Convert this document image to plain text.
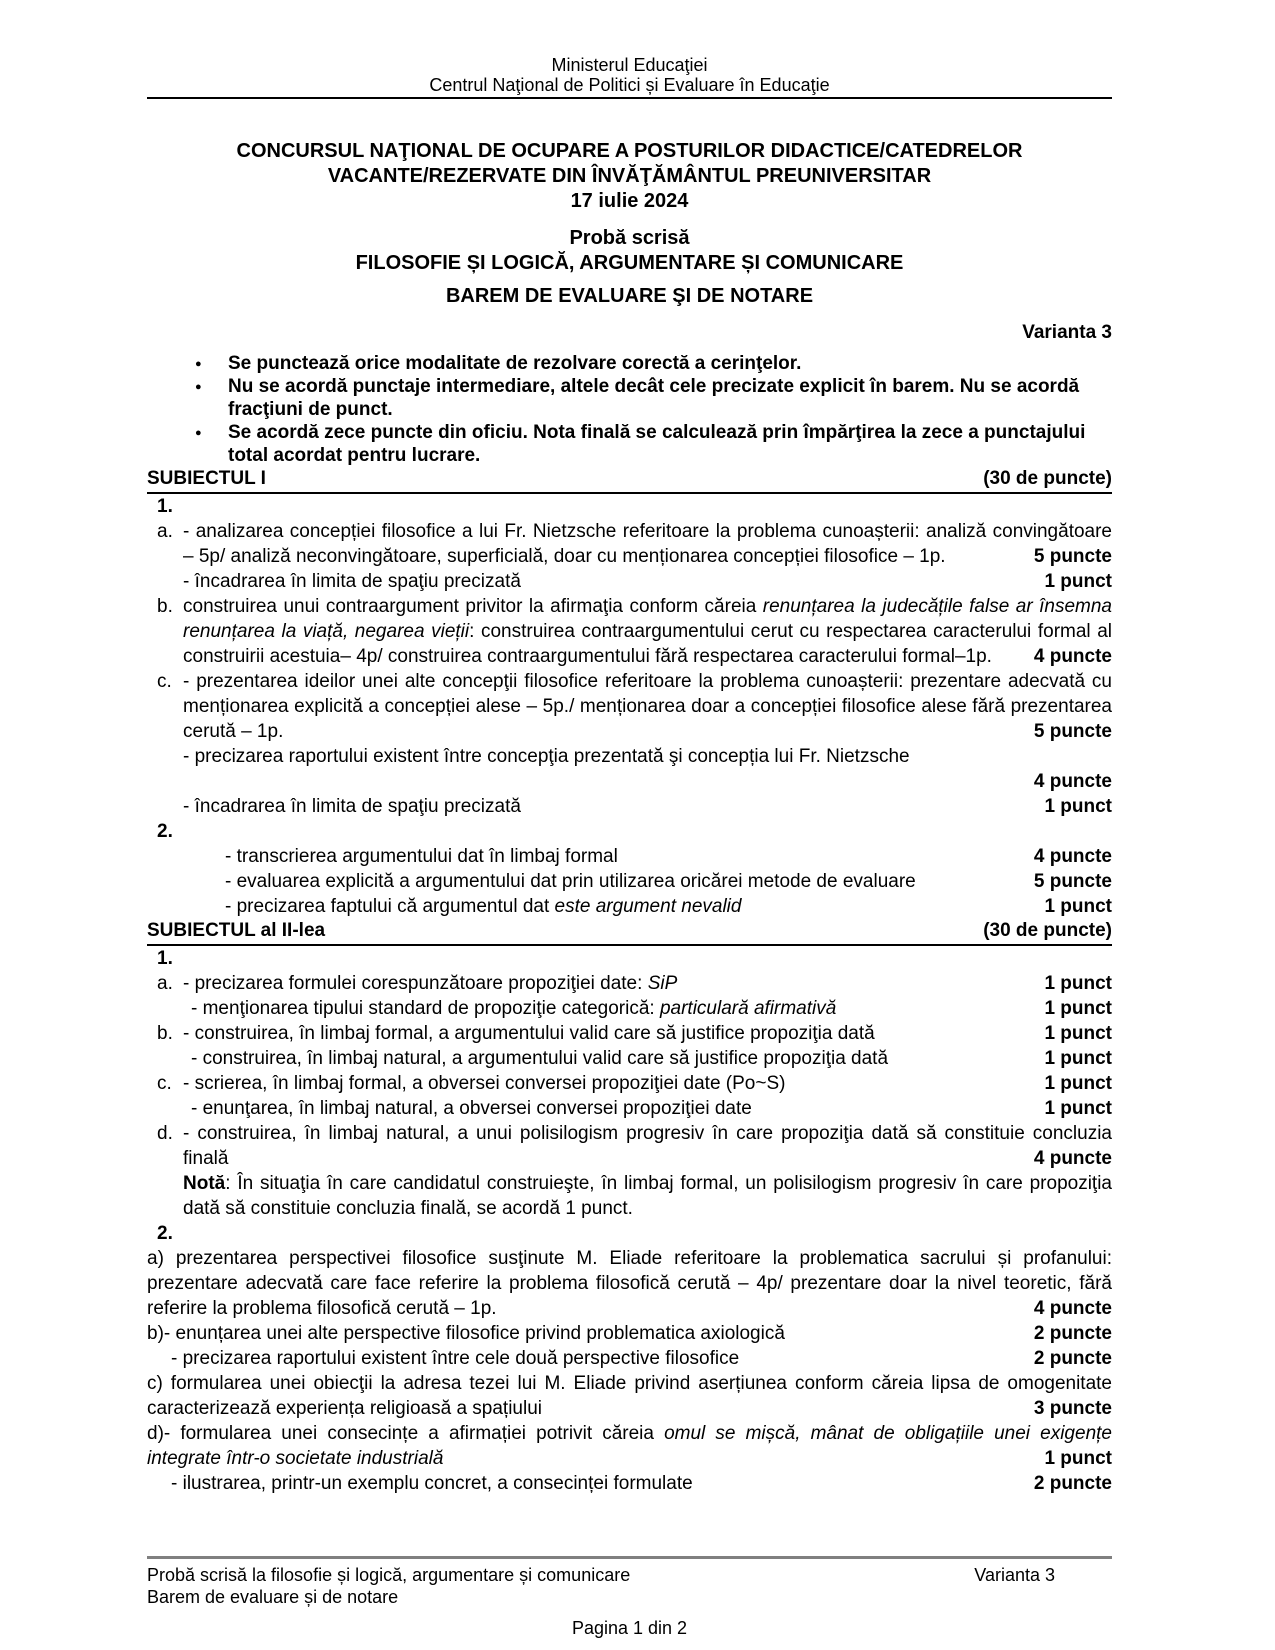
Ministerul Educaţiei
Centrul Naţional de Politici și Evaluare în Educaţie
CONCURSUL NAŢIONAL DE OCUPARE A POSTURILOR DIDACTICE/CATEDRELOR
VACANTE/REZERVATE DIN ÎNVĂŢĂMÂNTUL PREUNIVERSITAR
17 iulie 2024
Probă scrisă
FILOSOFIE ȘI LOGICĂ, ARGUMENTARE ȘI COMUNICARE
BAREM DE EVALUARE ŞI DE NOTARE
Varianta 3
● Se punctează orice modalitate de rezolvare corectă a cerinţelor.
● Nu se acordă punctaje intermediare, altele decât cele precizate explicit în barem. Nu se acordă fracţiuni de punct.
● Se acordă zece puncte din oficiu. Nota finală se calculează prin împărţirea la zece a punctajului total acordat pentru lucrare.
SUBIECTUL I	(30 de puncte)
1.
a. - analizarea concepției filosofice a lui Fr. Nietzsche referitoare la problema cunoașterii: analiză convingătoare – 5p/ analiză neconvingătoare, superficială, doar cu menționarea concepției filosofice – 1p.	5 puncte
- încadrarea în limita de spaţiu precizată	1 punct
b. construirea unui contraargument privitor la afirmaţia conform căreia renunțarea la judecățile false ar însemna renunțarea la viață, negarea vieții: construirea contraargumentului cerut cu respectarea caracterului formal al construirii acestuia– 4p/ construirea contraargumentului fără respectarea caracterului formal–1p.	4 puncte
c. - prezentarea ideilor unei alte concepţii filosofice referitoare la problema cunoașterii: prezentare adecvată cu menționarea explicită a concepției alese – 5p./ menționarea doar a concepției filosofice alese fără prezentarea cerută – 1p.	5 puncte
- precizarea raportului existent între concepţia prezentată şi concepția lui Fr. Nietzsche
4 puncte
- încadrarea în limita de spaţiu precizată	1 punct
2.
- transcrierea argumentului dat în limbaj formal	4 puncte
- evaluarea explicită a argumentului dat prin utilizarea oricărei metode de evaluare	5 puncte
- precizarea faptului că argumentul dat este argument nevalid	1 punct
SUBIECTUL al II-lea	(30 de puncte)
1.
a. - precizarea formulei corespunzătoare propoziţiei date: SiP	1 punct
- menţionarea tipului standard de propoziţie categorică: particulară afirmativă	1 punct
b. - construirea, în limbaj formal, a argumentului valid care să justifice propoziţia dată	1 punct
- construirea, în limbaj natural, a argumentului valid care să justifice propoziţia dată	1 punct
c. - scrierea, în limbaj formal, a obversei conversei propoziţiei date (Po~S)	1 punct
- enunţarea, în limbaj natural, a obversei conversei propoziţiei date	1 punct
d. - construirea, în limbaj natural, a unui polisilogism progresiv în care propoziţia dată să constituie concluzia finală	4 puncte
Notă: În situaţia în care candidatul construieşte, în limbaj formal, un polisilogism progresiv în care propoziţia dată să constituie concluzia finală, se acordă 1 punct.
2.
a) prezentarea perspectivei filosofice susţinute M. Eliade referitoare la problematica sacrului și profanului: prezentare adecvată care face referire la problema filosofică cerută – 4p/ prezentare doar la nivel teoretic, fără referire la problema filosofică cerută – 1p.	4 puncte
b)- enunțarea unei alte perspective filosofice privind problematica axiologică	2 puncte
- precizarea raportului existent între cele două perspective filosofice	2 puncte
c) formularea unei obiecţii la adresa tezei lui M. Eliade privind aserțiunea conform căreia lipsa de omogenitate caracterizează experiența religioasă a spațiului	3 puncte
d)- formularea unei consecințe a afirmației potrivit căreia omul se mișcă, mânat de obligațiile unei exigențe integrate într-o societate industrială	1 punct
- ilustrarea, printr-un exemplu concret, a consecinței formulate	2 puncte
Probă scrisă la filosofie și logică, argumentare și comunicare	Varianta 3
Barem de evaluare și de notare
Pagina 1 din 2
